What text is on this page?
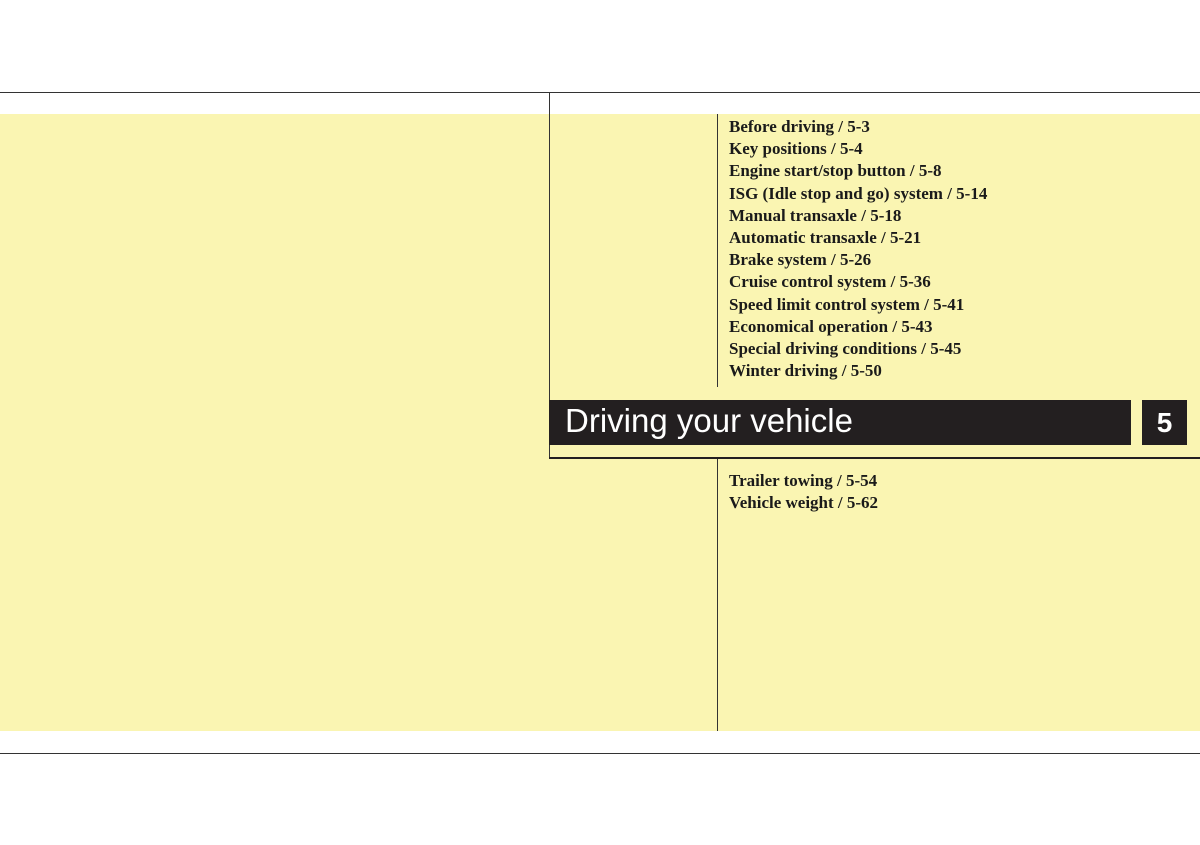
Before driving / 5-3
Key positions / 5-4
Engine start/stop button / 5-8
ISG (Idle stop and go) system / 5-14
Manual transaxle / 5-18
Automatic transaxle / 5-21
Brake system / 5-26
Cruise control system / 5-36
Speed limit control system / 5-41
Economical operation / 5-43
Special driving conditions / 5-45
Winter driving / 5-50
Driving your vehicle	5
Trailer towing / 5-54
Vehicle weight / 5-62
